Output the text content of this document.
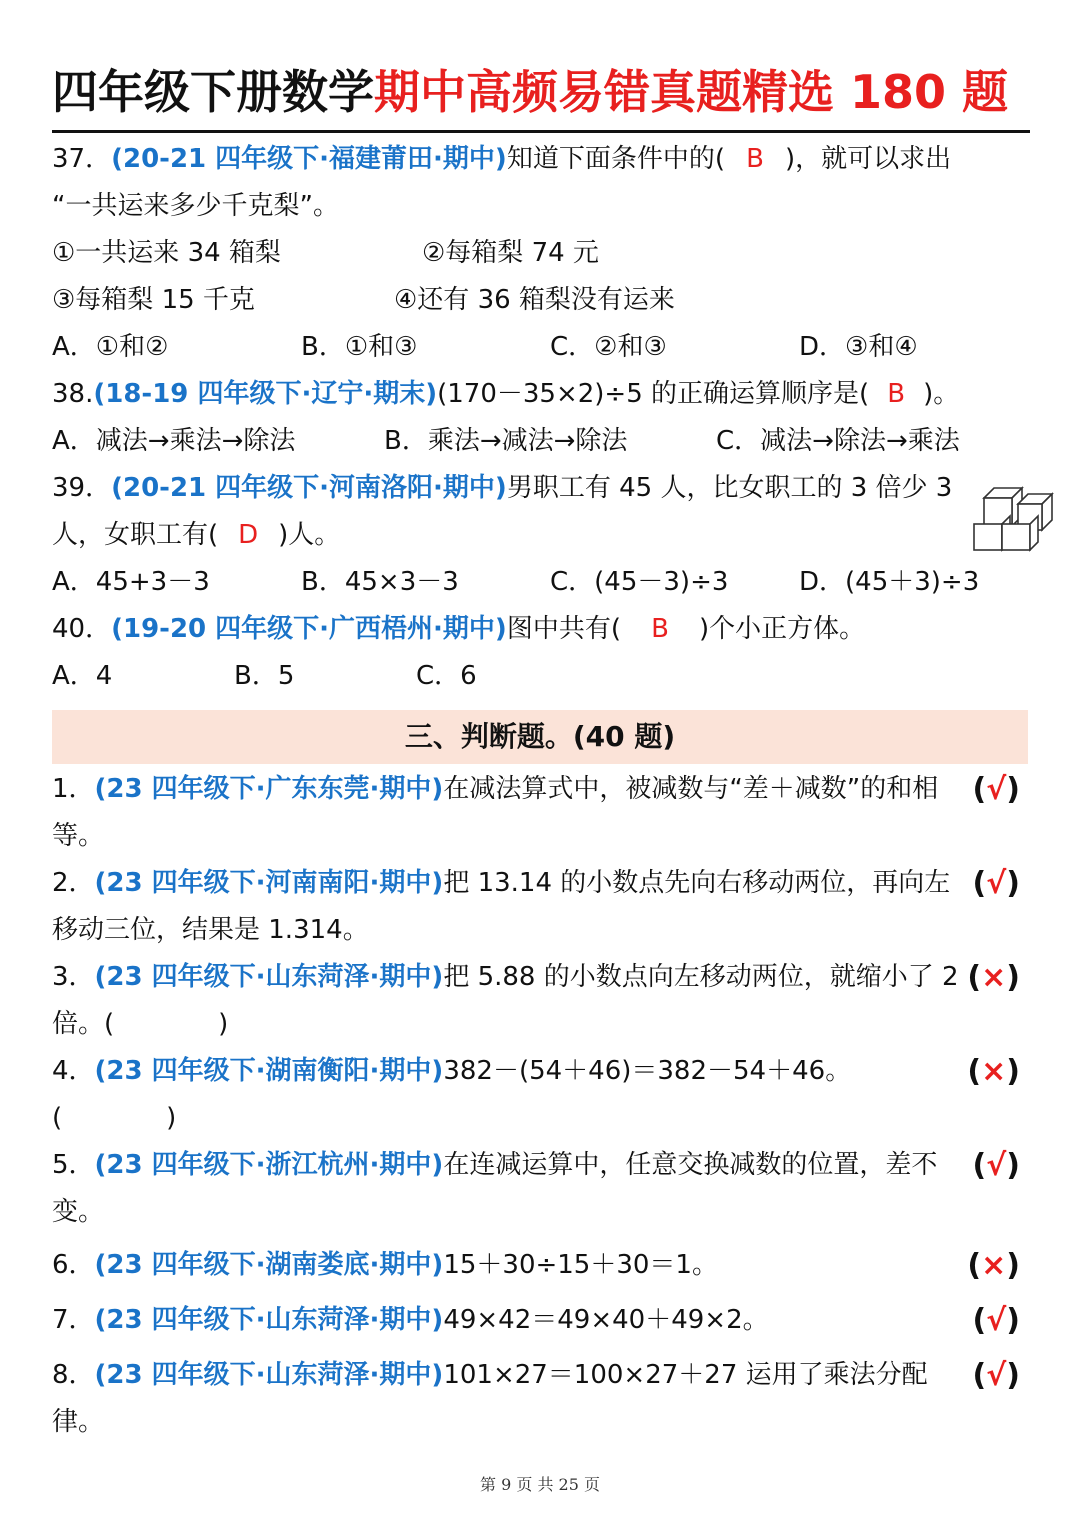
四年级下册数学期中高频易错真题精选 180 题
37．(20-21 四年级下·福建莆田·期中)知道下面条件中的( B )，就可以求出
“一共运来多少千克梨”。
①一共运来 34 箱梨	②每箱梨 74 元
③每箱梨 15 千克	④还有 36 箱梨没有运来
A．①和②	B．①和③	C．②和③	D．③和④
38.(18-19 四年级下·辽宁·期末)(170－35×2)÷5 的正确运算顺序是( B )。
A．减法→乘法→除法	B．乘法→减法→除法	C．减法→除法→乘法
39．(20-21 四年级下·河南洛阳·期中)男职工有 45 人，比女职工的 3 倍少 3
人，女职工有( D )人。
A．45+3－3	B．45×3－3	C．(45－3)÷3	D．(45＋3)÷3
40．(19-20 四年级下·广西梧州·期中)图中共有( B )个小正方体。
A．4	B．5	C．6
三、判断题。(40 题)
1．(23 四年级下·广东东莞·期中)在减法算式中，被减数与“差＋减数”的和相等。
(√)
2．(23 四年级下·河南南阳·期中)把 13.14 的小数点先向右移动两位，再向左移动三位，结果是 1.314。
(√)
3．(23 四年级下·山东菏泽·期中)把 5.88 的小数点向左移动两位，就缩小了 2 倍。(　　　　)
(×)
4．(23 四年级下·湖南衡阳·期中)382－(54＋46)＝382－54＋46。(　　　　)
(×)
5．(23 四年级下·浙江杭州·期中)在连减运算中，任意交换减数的位置，差不变。
(√)
6．(23 四年级下·湖南娄底·期中)15＋30÷15＋30＝1。	(×)
7．(23 四年级下·山东菏泽·期中)49×42＝49×40＋49×2。	(√)
8．(23 四年级下·山东菏泽·期中)101×27＝100×27＋27 运用了乘法分配律。
(√)
第 9 页 共 25 页
